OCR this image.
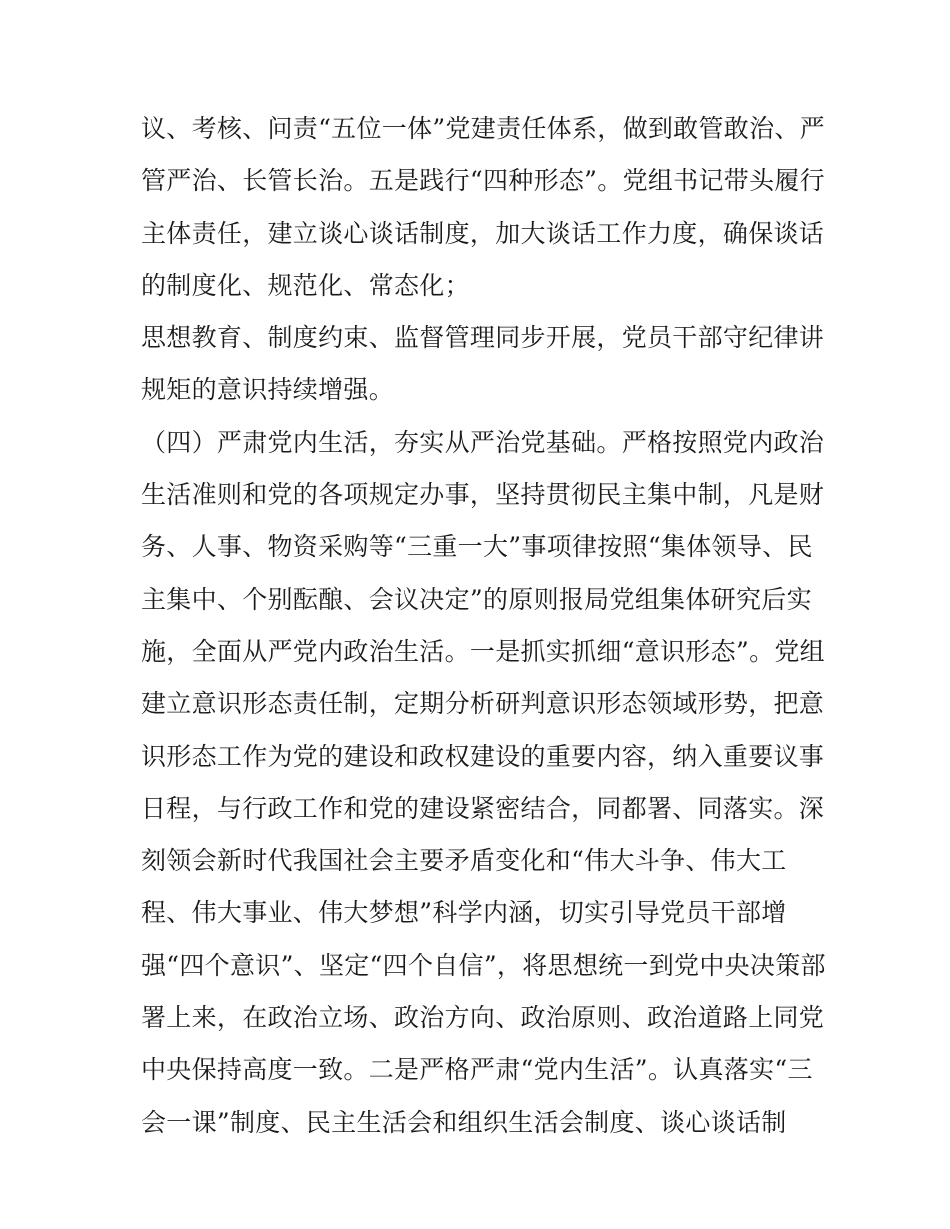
议、考核、问责“五位一体”党建责任体系，做到敢管敢治、严
管严治、长管长治。五是践行“四种形态”。党组书记带头履行
主体责任，建立谈心谈话制度，加大谈话工作力度，确保谈话
的制度化、规范化、常态化；
思想教育、制度约束、监督管理同步开展，党员干部守纪律讲
规矩的意识持续增强。
（四）严肃党内生活，夯实从严治党基础。严格按照党内政治
生活准则和党的各项规定办事，坚持贯彻民主集中制，凡是财
务、人事、物资采购等“三重一大”事项律按照“集体领导、民
主集中、个别酝酿、会议决定”的原则报局党组集体研究后实
施，全面从严党内政治生活。一是抓实抓细“意识形态”。党组
建立意识形态责任制，定期分析研判意识形态领域形势，把意
识形态工作为党的建设和政权建设的重要内容，纳入重要议事
日程，与行政工作和党的建设紧密结合，同都署、同落实。深
刻领会新时代我国社会主要矛盾变化和“伟大斗争、伟大工
程、伟大事业、伟大梦想”科学内涵，切实引导党员干部增
强“四个意识”、坚定“四个自信”，将思想统一到党中央决策部
署上来，在政治立场、政治方向、政治原则、政治道路上同党
中央保持高度一致。二是严格严肃“党内生活”。认真落实“三
会一课”制度、民主生活会和组织生活会制度、谈心谈话制
